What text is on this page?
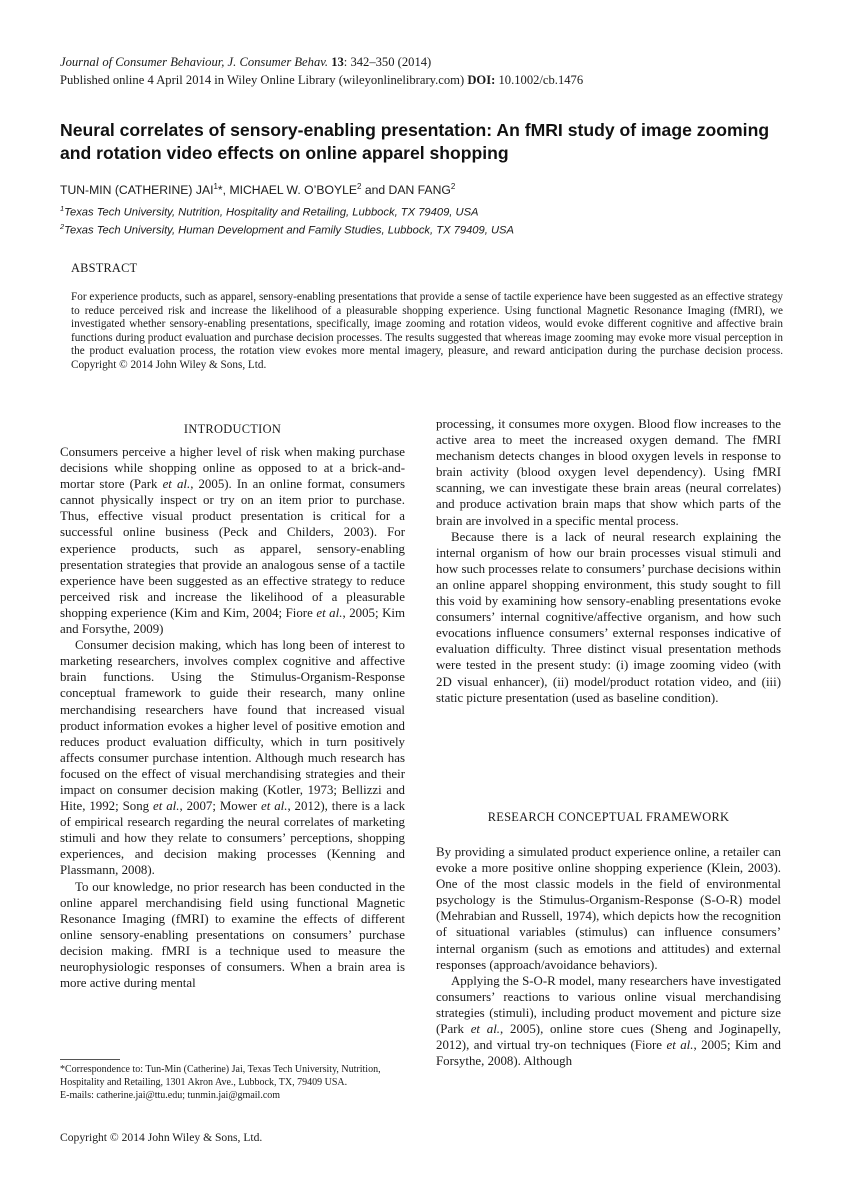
Journal of Consumer Behaviour, J. Consumer Behav. 13: 342–350 (2014)
Published online 4 April 2014 in Wiley Online Library (wileyonlinelibrary.com) DOI: 10.1002/cb.1476
Neural correlates of sensory-enabling presentation: An fMRI study of image zooming and rotation video effects on online apparel shopping
TUN-MIN (CATHERINE) JAI$^1$*, MICHAEL W. O’BOYLE$^2$ and DAN FANG$^2$
$^1$Texas Tech University, Nutrition, Hospitality and Retailing, Lubbock, TX 79409, USA
$^2$Texas Tech University, Human Development and Family Studies, Lubbock, TX 79409, USA
ABSTRACT
For experience products, such as apparel, sensory-enabling presentations that provide a sense of tactile experience have been suggested as an effective strategy to reduce perceived risk and increase the likelihood of a pleasurable shopping experience. Using functional Magnetic Resonance Imaging (fMRI), we investigated whether sensory-enabling presentations, specifically, image zooming and rotation videos, would evoke different cognitive and affective brain functions during product evaluation and purchase decision processes. The results suggested that whereas image zooming may evoke more visual perception in the product evaluation process, the rotation view evokes more mental imagery, pleasure, and reward anticipation during the purchase decision process. Copyright © 2014 John Wiley & Sons, Ltd.
INTRODUCTION

Consumers perceive a higher level of risk when making purchase decisions while shopping online as opposed to at a brick-and-mortar store (Park et al., 2005). In an online format, consumers cannot physically inspect or try on an item prior to purchase. Thus, effective visual product presentation is critical for a successful online business (Peck and Childers, 2003). For experience products, such as apparel, sensory-enabling presentation strategies that provide an analogous sense of a tactile experience have been suggested as an effective strategy to reduce perceived risk and increase the likelihood of a pleasurable shopping experience (Kim and Kim, 2004; Fiore et al., 2005; Kim and Forsythe, 2009)

Consumer decision making, which has long been of interest to marketing researchers, involves complex cognitive and affective brain functions. Using the Stimulus-Organism-Response conceptual framework to guide their research, many online merchandising researchers have found that increased visual product information evokes a higher level of positive emotion and reduces product evaluation difficulty, which in turn positively affects consumer purchase intention. Although much research has focused on the effect of visual merchandising strategies and their impact on consumer decision making (Kotler, 1973; Bellizzi and Hite, 1992; Song et al., 2007; Mower et al., 2012), there is a lack of empirical research regarding the neural correlates of marketing stimuli and how they relate to consumers’ perceptions, shopping experiences, and decision making processes (Kenning and Plassmann, 2008).

To our knowledge, no prior research has been conducted in the online apparel merchandising field using functional Magnetic Resonance Imaging (fMRI) to examine the effects of different online sensory-enabling presentations on consumers’ purchase decision making. fMRI is a technique used to measure the neurophysiologic responses of consumers. When a brain area is more active during mental

processing, it consumes more oxygen. Blood flow increases to the active area to meet the increased oxygen demand. The fMRI mechanism detects changes in blood oxygen levels in response to brain activity (blood oxygen level dependency). Using fMRI scanning, we can investigate these brain areas (neural correlates) and produce activation brain maps that show which parts of the brain are involved in a specific mental process.

Because there is a lack of neural research explaining the internal organism of how our brain processes visual stimuli and how such processes relate to consumers’ purchase decisions within an online apparel shopping environment, this study sought to fill this void by examining how sensory-enabling presentations evoke consumers’ internal cognitive/affective organism, and how such evocations influence consumers’ external responses indicative of evaluation difficulty. Three distinct visual presentation methods were tested in the present study: (i) image zooming video (with 2D visual enhancer), (ii) model/product rotation video, and (iii) static picture presentation (used as baseline condition).

RESEARCH CONCEPTUAL FRAMEWORK

By providing a simulated product experience online, a retailer can evoke a more positive online shopping experience (Klein, 2003). One of the most classic models in the field of environmental psychology is the Stimulus-Organism-Response (S-O-R) model (Mehrabian and Russell, 1974), which depicts how the recognition of situational variables (stimulus) can influence consumers’ internal organism (such as emotions and attitudes) and external responses (approach/avoidance behaviors).

Applying the S-O-R model, many researchers have investigated consumers’ reactions to various online visual merchandising strategies (stimuli), including product movement and picture size (Park et al., 2005), online store cues (Sheng and Joginapelly, 2012), and virtual try-on techniques (Fiore et al., 2005; Kim and Forsythe, 2008). Although

*Correspondence to: Tun-Min (Catherine) Jai, Texas Tech University, Nutrition, Hospitality and Retailing, 1301 Akron Ave., Lubbock, TX, 79409 USA.
E-mails: catherine.jai@ttu.edu; tunmin.jai@gmail.com
Copyright © 2014 John Wiley & Sons, Ltd.
